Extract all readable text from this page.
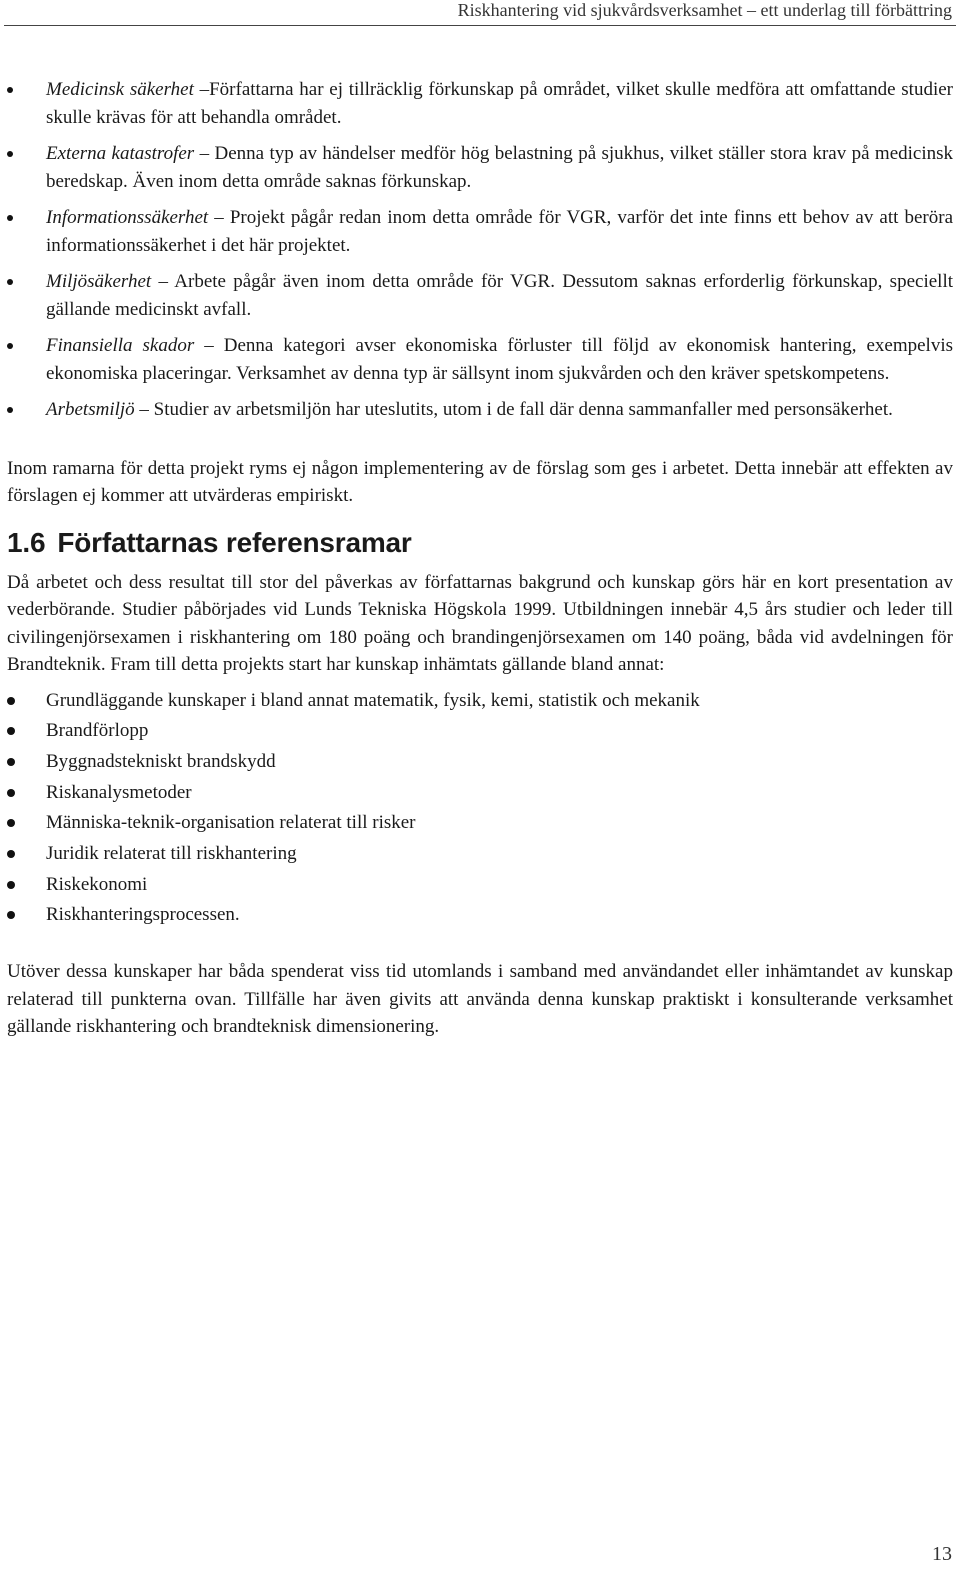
Riskhantering vid sjukvårdsverksamhet – ett underlag till förbättring
Medicinsk säkerhet –Författarna har ej tillräcklig förkunskap på området, vilket skulle medföra att omfattande studier skulle krävas för att behandla området.
Externa katastrofer – Denna typ av händelser medför hög belastning på sjukhus, vilket ställer stora krav på medicinsk beredskap. Även inom detta område saknas förkunskap.
Informationssäkerhet – Projekt pågår redan inom detta område för VGR, varför det inte finns ett behov av att beröra informationssäkerhet i det här projektet.
Miljösäkerhet – Arbete pågår även inom detta område för VGR. Dessutom saknas erforderlig förkunskap, speciellt gällande medicinskt avfall.
Finansiella skador – Denna kategori avser ekonomiska förluster till följd av ekonomisk hantering, exempelvis ekonomiska placeringar. Verksamhet av denna typ är sällsynt inom sjukvården och den kräver spetskompetens.
Arbetsmiljö – Studier av arbetsmiljön har uteslutits, utom i de fall där denna sammanfaller med personsäkerhet.

Inom ramarna för detta projekt ryms ej någon implementering av de förslag som ges i arbetet. Detta innebär att effekten av förslagen ej kommer att utvärderas empiriskt.

1.6 Författarnas referensramar

Då arbetet och dess resultat till stor del påverkas av författarnas bakgrund och kunskap görs här en kort presentation av vederbörande. Studier påbörjades vid Lunds Tekniska Högskola 1999. Utbildningen innebär 4,5 års studier och leder till civilingenjörsexamen i riskhantering om 180 poäng och brandingenjörsexamen om 140 poäng, båda vid avdelningen för Brandteknik. Fram till detta projekts start har kunskap inhämtats gällande bland annat:

Grundläggande kunskaper i bland annat matematik, fysik, kemi, statistik och mekanik
Brandförlopp
Byggnadstekniskt brandskydd
Riskanalysmetoder
Människa-teknik-organisation relaterat till risker
Juridik relaterat till riskhantering
Riskekonomi
Riskhanteringsprocessen.

Utöver dessa kunskaper har båda spenderat viss tid utomlands i samband med användandet eller inhämtandet av kunskap relaterad till punkterna ovan. Tillfälle har även givits att använda denna kunskap praktiskt i konsulterande verksamhet gällande riskhantering och brandteknisk dimensionering.

13
